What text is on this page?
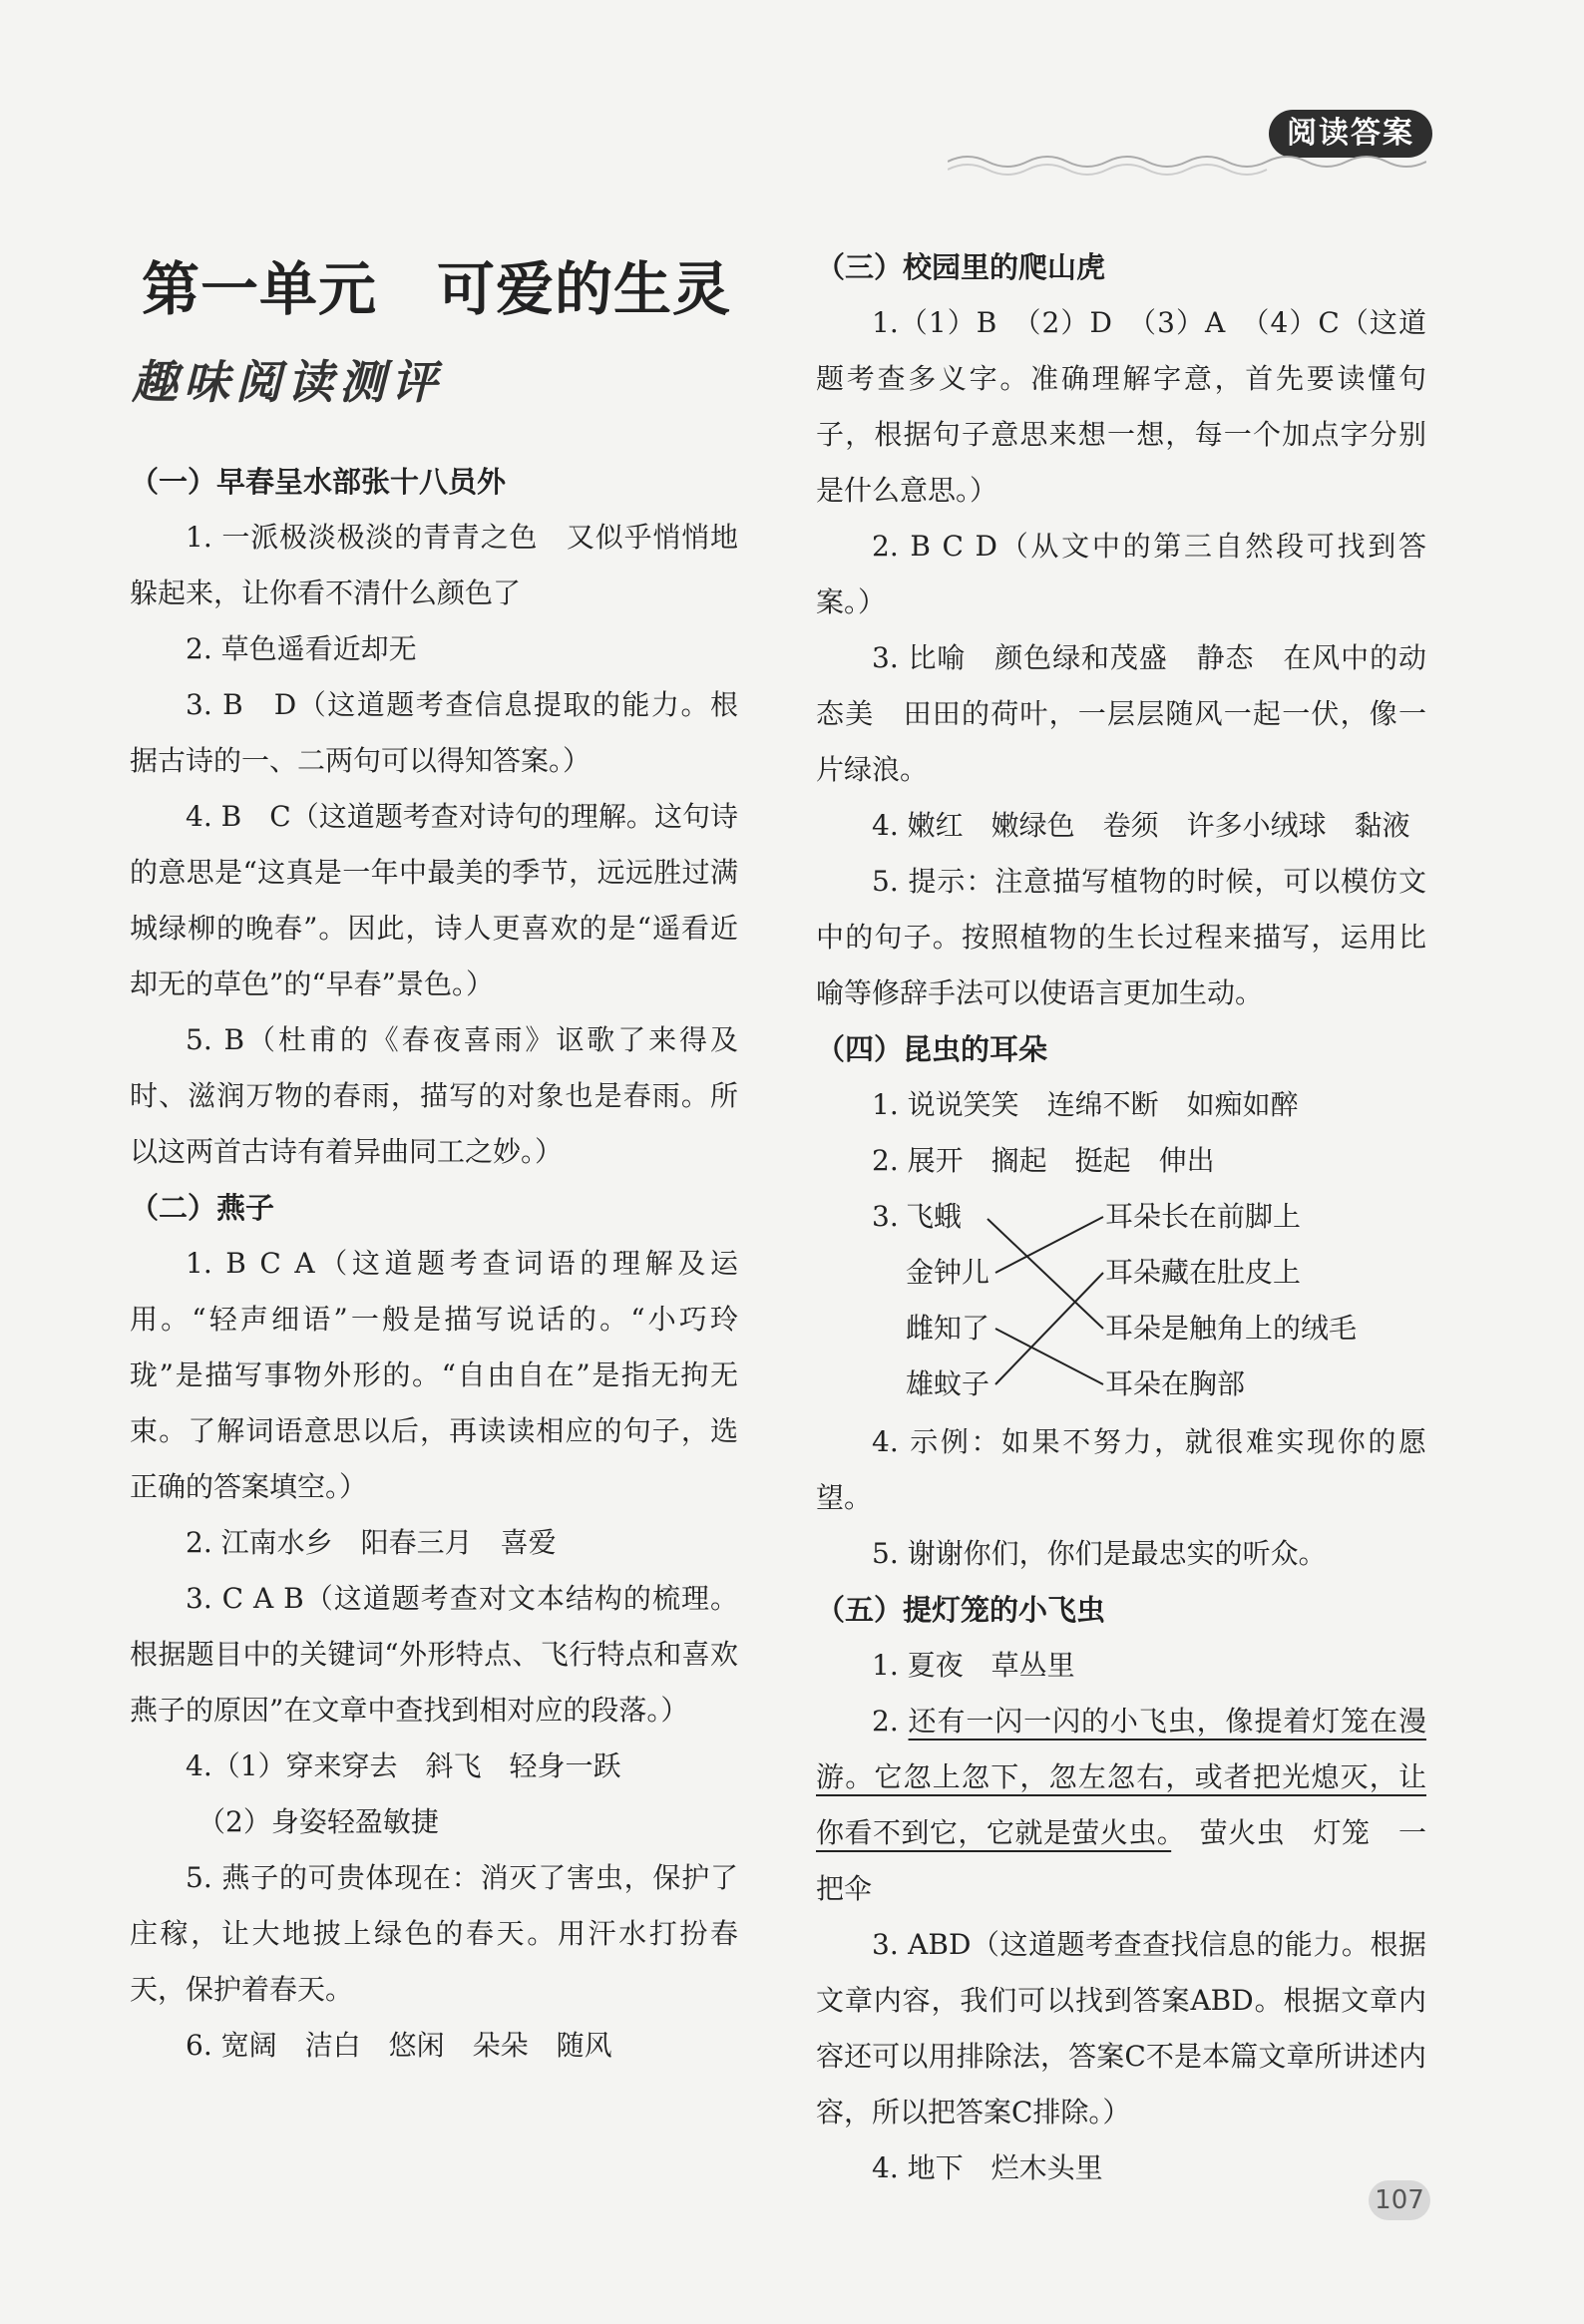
阅读答案
第一单元 可爱的生灵
趣味阅读测评
（一）早春呈水部张十八员外

1. 一派极淡极淡的青青之色　又似乎悄悄地躲起来，让你看不清什么颜色了

2. 草色遥看近却无

3. B　D（这道题考查信息提取的能力。根据古诗的一、二两句可以得知答案。）

4. B　C（这道题考查对诗句的理解。这句诗的意思是“这真是一年中最美的季节，远远胜过满城绿柳的晚春”。因此，诗人更喜欢的是“遥看近却无的草色”的“早春”景色。）

5. B（杜甫的《春夜喜雨》讴歌了来得及时、滋润万物的春雨，描写的对象也是春雨。所以这两首古诗有着异曲同工之妙。）

（二）燕子

1. B C A（这道题考查词语的理解及运用。“轻声细语”一般是描写说话的。“小巧玲珑”是描写事物外形的。“自由自在”是指无拘无束。了解词语意思以后，再读读相应的句子，选正确的答案填空。）

2. 江南水乡　阳春三月　喜爱

3. C A B（这道题考查对文本结构的梳理。根据题目中的关键词“外形特点、飞行特点和喜欢燕子的原因”在文章中查找到相对应的段落。）

4.（1）穿来穿去　斜飞　轻身一跃

（2）身姿轻盈敏捷

5. 燕子的可贵体现在：消灭了害虫，保护了庄稼，让大地披上绿色的春天。用汗水打扮春天，保护着春天。

6. 宽阔　洁白　悠闲　朵朵　随风

（三）校园里的爬山虎

1.（1）B　（2）D　（3）A　（4）C（这道题考查多义字。准确理解字意，首先要读懂句子，根据句子意思来想一想，每一个加点字分别是什么意思。）

2. B C D（从文中的第三自然段可找到答案。）

3. 比喻　颜色绿和茂盛　静态　在风中的动态美　田田的荷叶，一层层随风一起一伏，像一片绿浪。

4. 嫩红　嫩绿色　卷须　许多小绒球　黏液

5. 提示：注意描写植物的时候，可以模仿文中的句子。按照植物的生长过程来描写，运用比喻等修辞手法可以使语言更加生动。

（四）昆虫的耳朵

1. 说说笑笑　连绵不断　如痴如醉

2. 展开　搁起　挺起　伸出

3. 飞蛾
金钟儿
雌知了
雄蚊子
耳朵长在前脚上
耳朵藏在肚皮上
耳朵是触角上的绒毛
耳朵在胸部

4. 示例：如果不努力，就很难实现你的愿望。

5. 谢谢你们，你们是最忠实的听众。

（五）提灯笼的小飞虫

1. 夏夜　草丛里

2. 还有一闪一闪的小飞虫，像提着灯笼在漫游。它忽上忽下，忽左忽右，或者把光熄灭，让你看不到它，它就是萤火虫。　萤火虫　灯笼　一把伞

3. ABD（这道题考查查找信息的能力。根据文章内容，我们可以找到答案ABD。根据文章内容还可以用排除法，答案C不是本篇文章所讲述内容，所以把答案C排除。）

4. 地下　烂木头里

107
